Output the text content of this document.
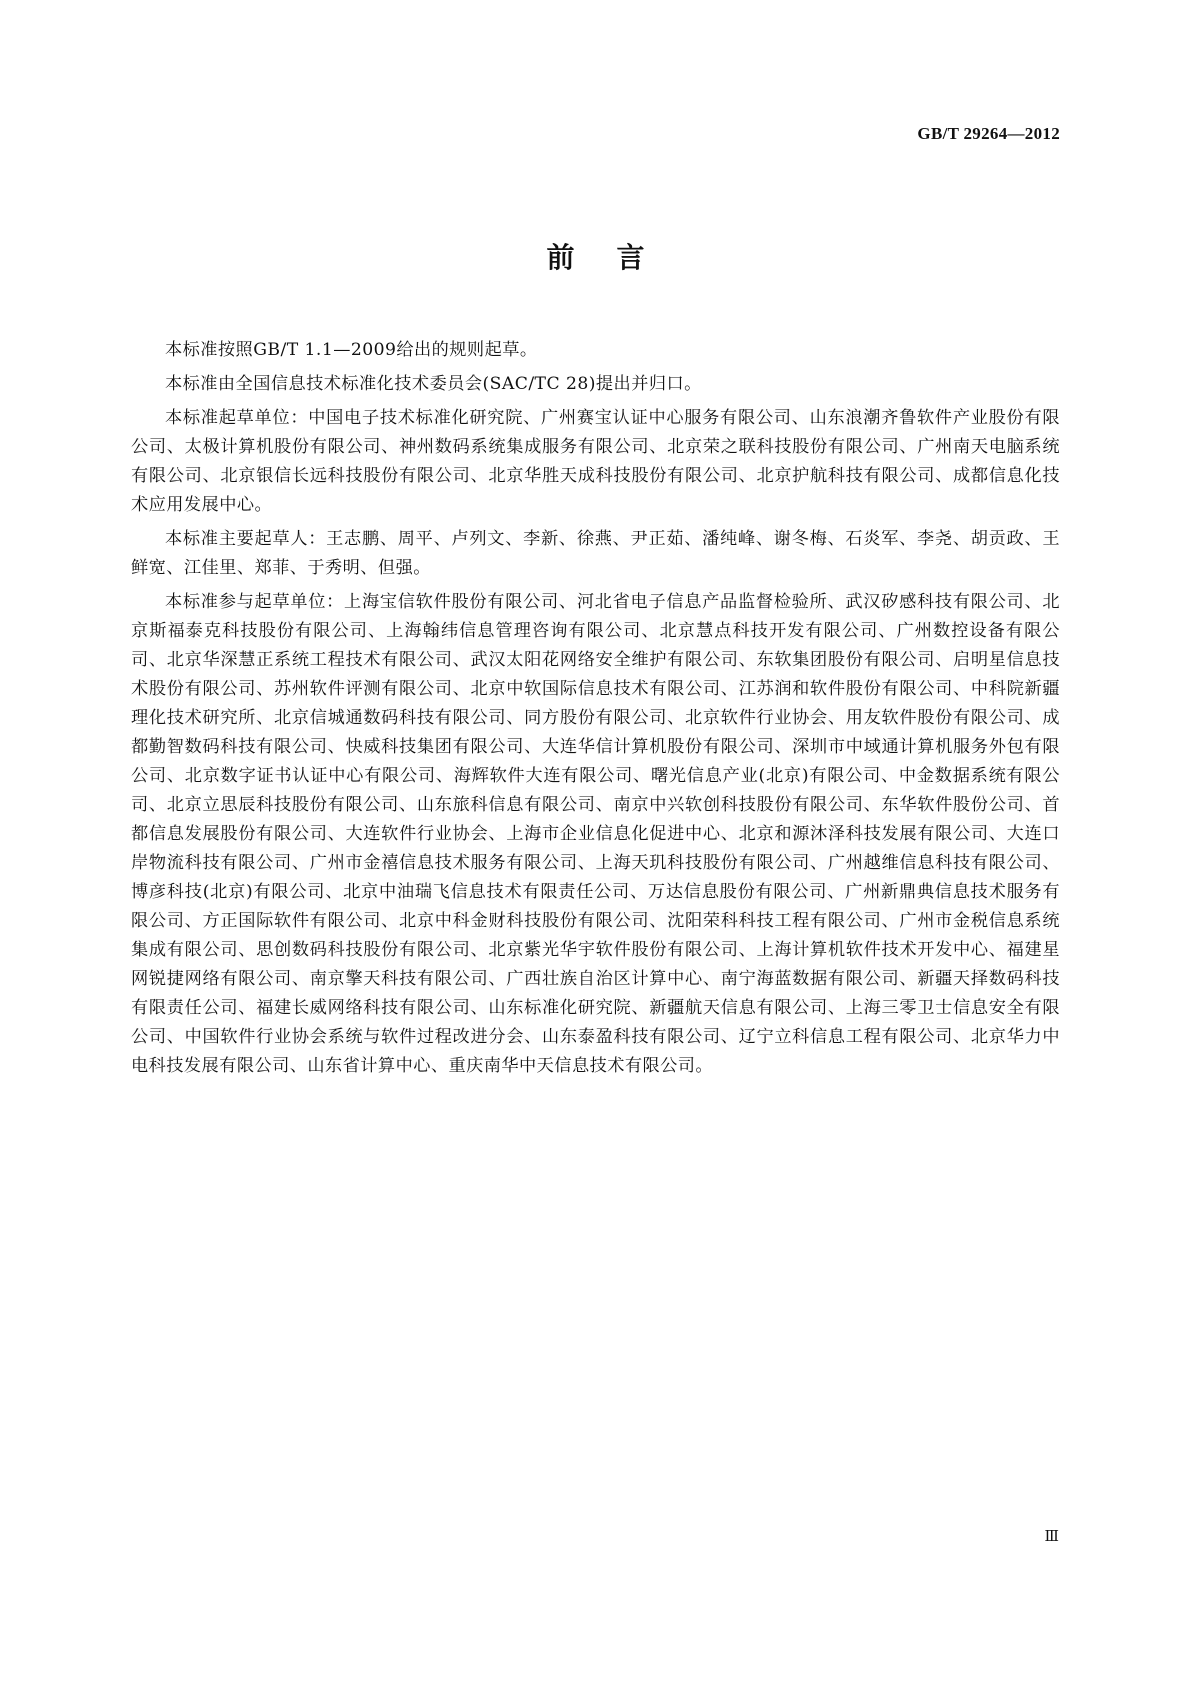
GB/T 29264—2012
前言

本标准按照GB/T 1.1—2009给出的规则起草。

本标准由全国信息技术标准化技术委员会(SAC/TC 28)提出并归口。

本标准起草单位：中国电子技术标准化研究院、广州赛宝认证中心服务有限公司、山东浪潮齐鲁软件产业股份有限公司、太极计算机股份有限公司、神州数码系统集成服务有限公司、北京荣之联科技股份有限公司、广州南天电脑系统有限公司、北京银信长远科技股份有限公司、北京华胜天成科技股份有限公司、北京护航科技有限公司、成都信息化技术应用发展中心。

本标准主要起草人：王志鹏、周平、卢列文、李新、徐燕、尹正茹、潘纯峰、谢冬梅、石炎军、李尧、胡贡政、王鲜宽、江佳里、郑菲、于秀明、但强。

本标准参与起草单位：上海宝信软件股份有限公司、河北省电子信息产品监督检验所、武汉矽感科技有限公司、北京斯福泰克科技股份有限公司、上海翰纬信息管理咨询有限公司、北京慧点科技开发有限公司、广州数控设备有限公司、北京华深慧正系统工程技术有限公司、武汉太阳花网络安全维护有限公司、东软集团股份有限公司、启明星信息技术股份有限公司、苏州软件评测有限公司、北京中软国际信息技术有限公司、江苏润和软件股份有限公司、中科院新疆理化技术研究所、北京信城通数码科技有限公司、同方股份有限公司、北京软件行业协会、用友软件股份有限公司、成都勤智数码科技有限公司、快威科技集团有限公司、大连华信计算机股份有限公司、深圳市中域通计算机服务外包有限公司、北京数字证书认证中心有限公司、海辉软件大连有限公司、曙光信息产业(北京)有限公司、中金数据系统有限公司、北京立思辰科技股份有限公司、山东旅科信息有限公司、南京中兴软创科技股份有限公司、东华软件股份公司、首都信息发展股份有限公司、大连软件行业协会、上海市企业信息化促进中心、北京和源沐泽科技发展有限公司、大连口岸物流科技有限公司、广州市金禧信息技术服务有限公司、上海天玑科技股份有限公司、广州越维信息科技有限公司、博彦科技(北京)有限公司、北京中油瑞飞信息技术有限责任公司、万达信息股份有限公司、广州新鼎典信息技术服务有限公司、方正国际软件有限公司、北京中科金财科技股份有限公司、沈阳荣科科技工程有限公司、广州市金税信息系统集成有限公司、思创数码科技股份有限公司、北京紫光华宇软件股份有限公司、上海计算机软件技术开发中心、福建星网锐捷网络有限公司、南京擎天科技有限公司、广西壮族自治区计算中心、南宁海蓝数据有限公司、新疆天择数码科技有限责任公司、福建长威网络科技有限公司、山东标准化研究院、新疆航天信息有限公司、上海三零卫士信息安全有限公司、中国软件行业协会系统与软件过程改进分会、山东泰盈科技有限公司、辽宁立科信息工程有限公司、北京华力中电科技发展有限公司、山东省计算中心、重庆南华中天信息技术有限公司。

Ⅲ
